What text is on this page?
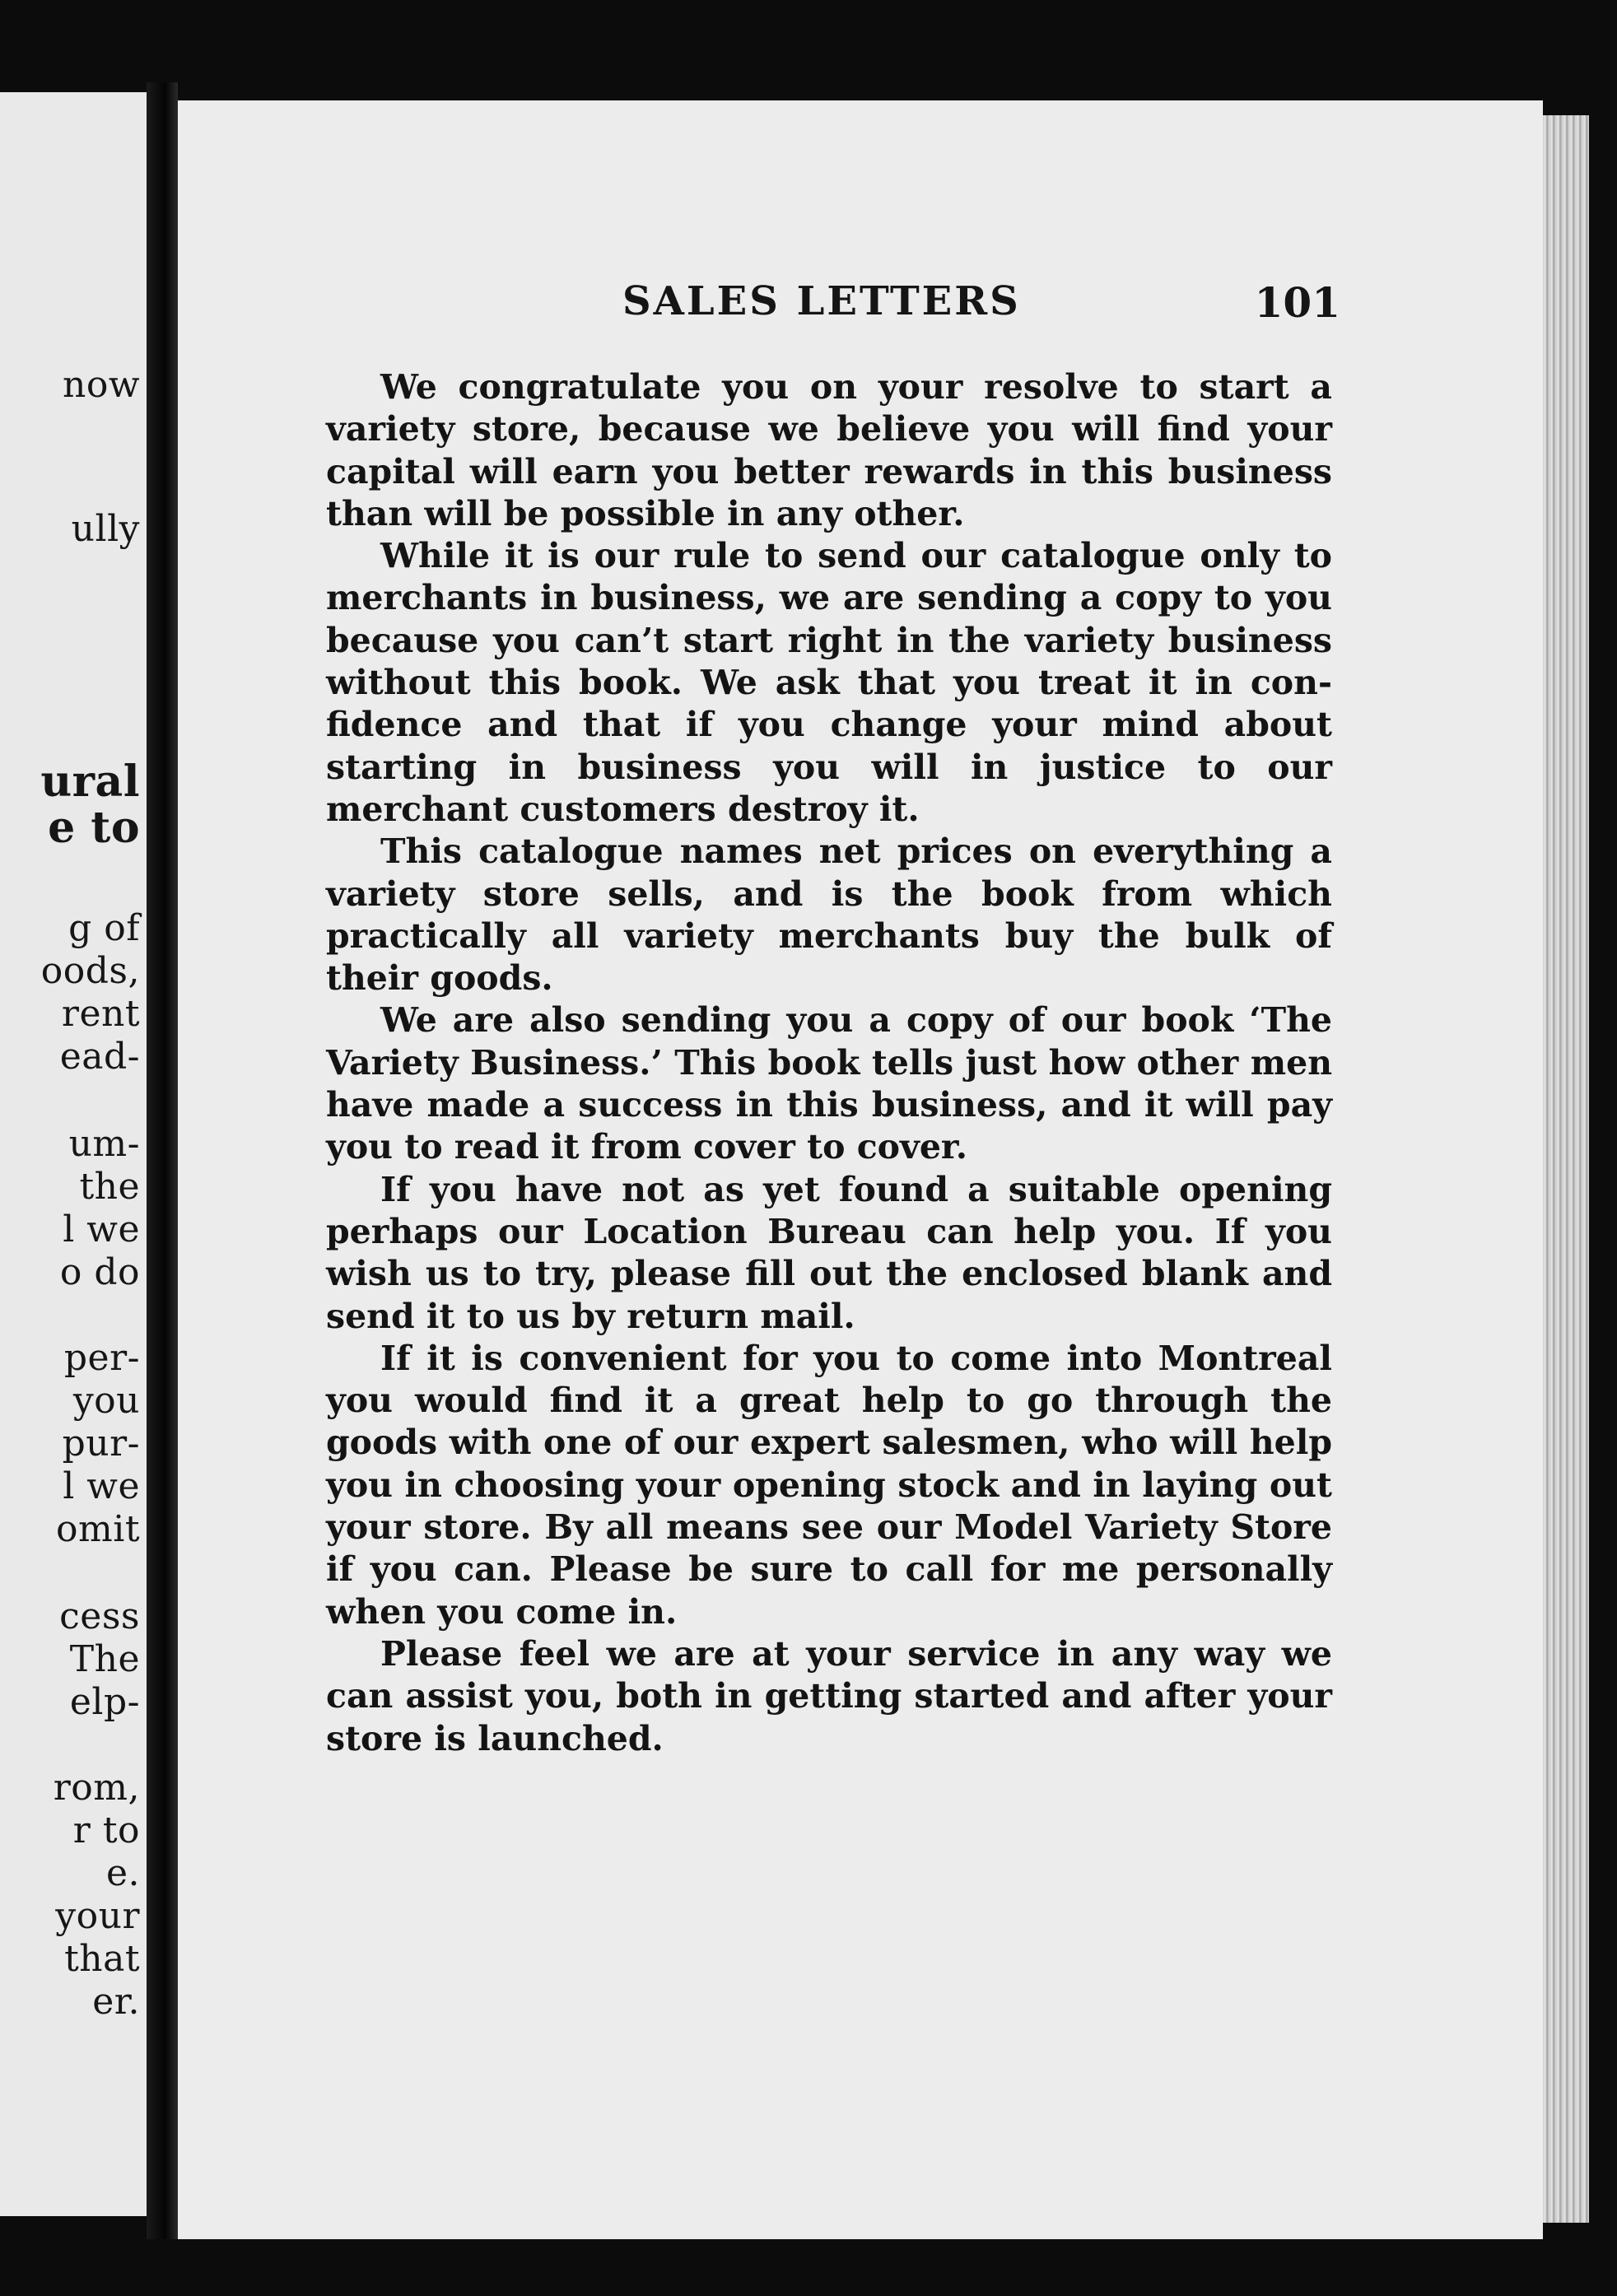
now
ully
ural
e to
g of
oods,
rent
ead-
um-
the
l we
o do
per-
you
pur-
l we
omit
cess
The
elp-
rom,
r to
e.
your
that
er.
SALES LETTERS	101

We congratulate you on your resolve to start a variety store, because we believe you will find your capital will earn you better rewards in this business than will be possible in any other.

While it is our rule to send our catalogue only to merchants in business, we are sending a copy to you because you can’t start right in the variety business without this book. We ask that you treat it in confidence and that if you change your mind about starting in business you will in justice to our merchant customers destroy it.

This catalogue names net prices on everything a variety store sells, and is the book from which practically all variety merchants buy the bulk of their goods.

We are also sending you a copy of our book ‘The Variety Business.’ This book tells just how other men have made a success in this business, and it will pay you to read it from cover to cover.

If you have not as yet found a suitable opening perhaps our Location Bureau can help you. If you wish us to try, please fill out the enclosed blank and send it to us by return mail.

If it is convenient for you to come into Montreal you would find it a great help to go through the goods with one of our expert salesmen, who will help you in choosing your opening stock and in laying out your store. By all means see our Model Variety Store if you can. Please be sure to call for me personally when you come in.

Please feel we are at your service in any way we can assist you, both in getting started and after your store is launched.
